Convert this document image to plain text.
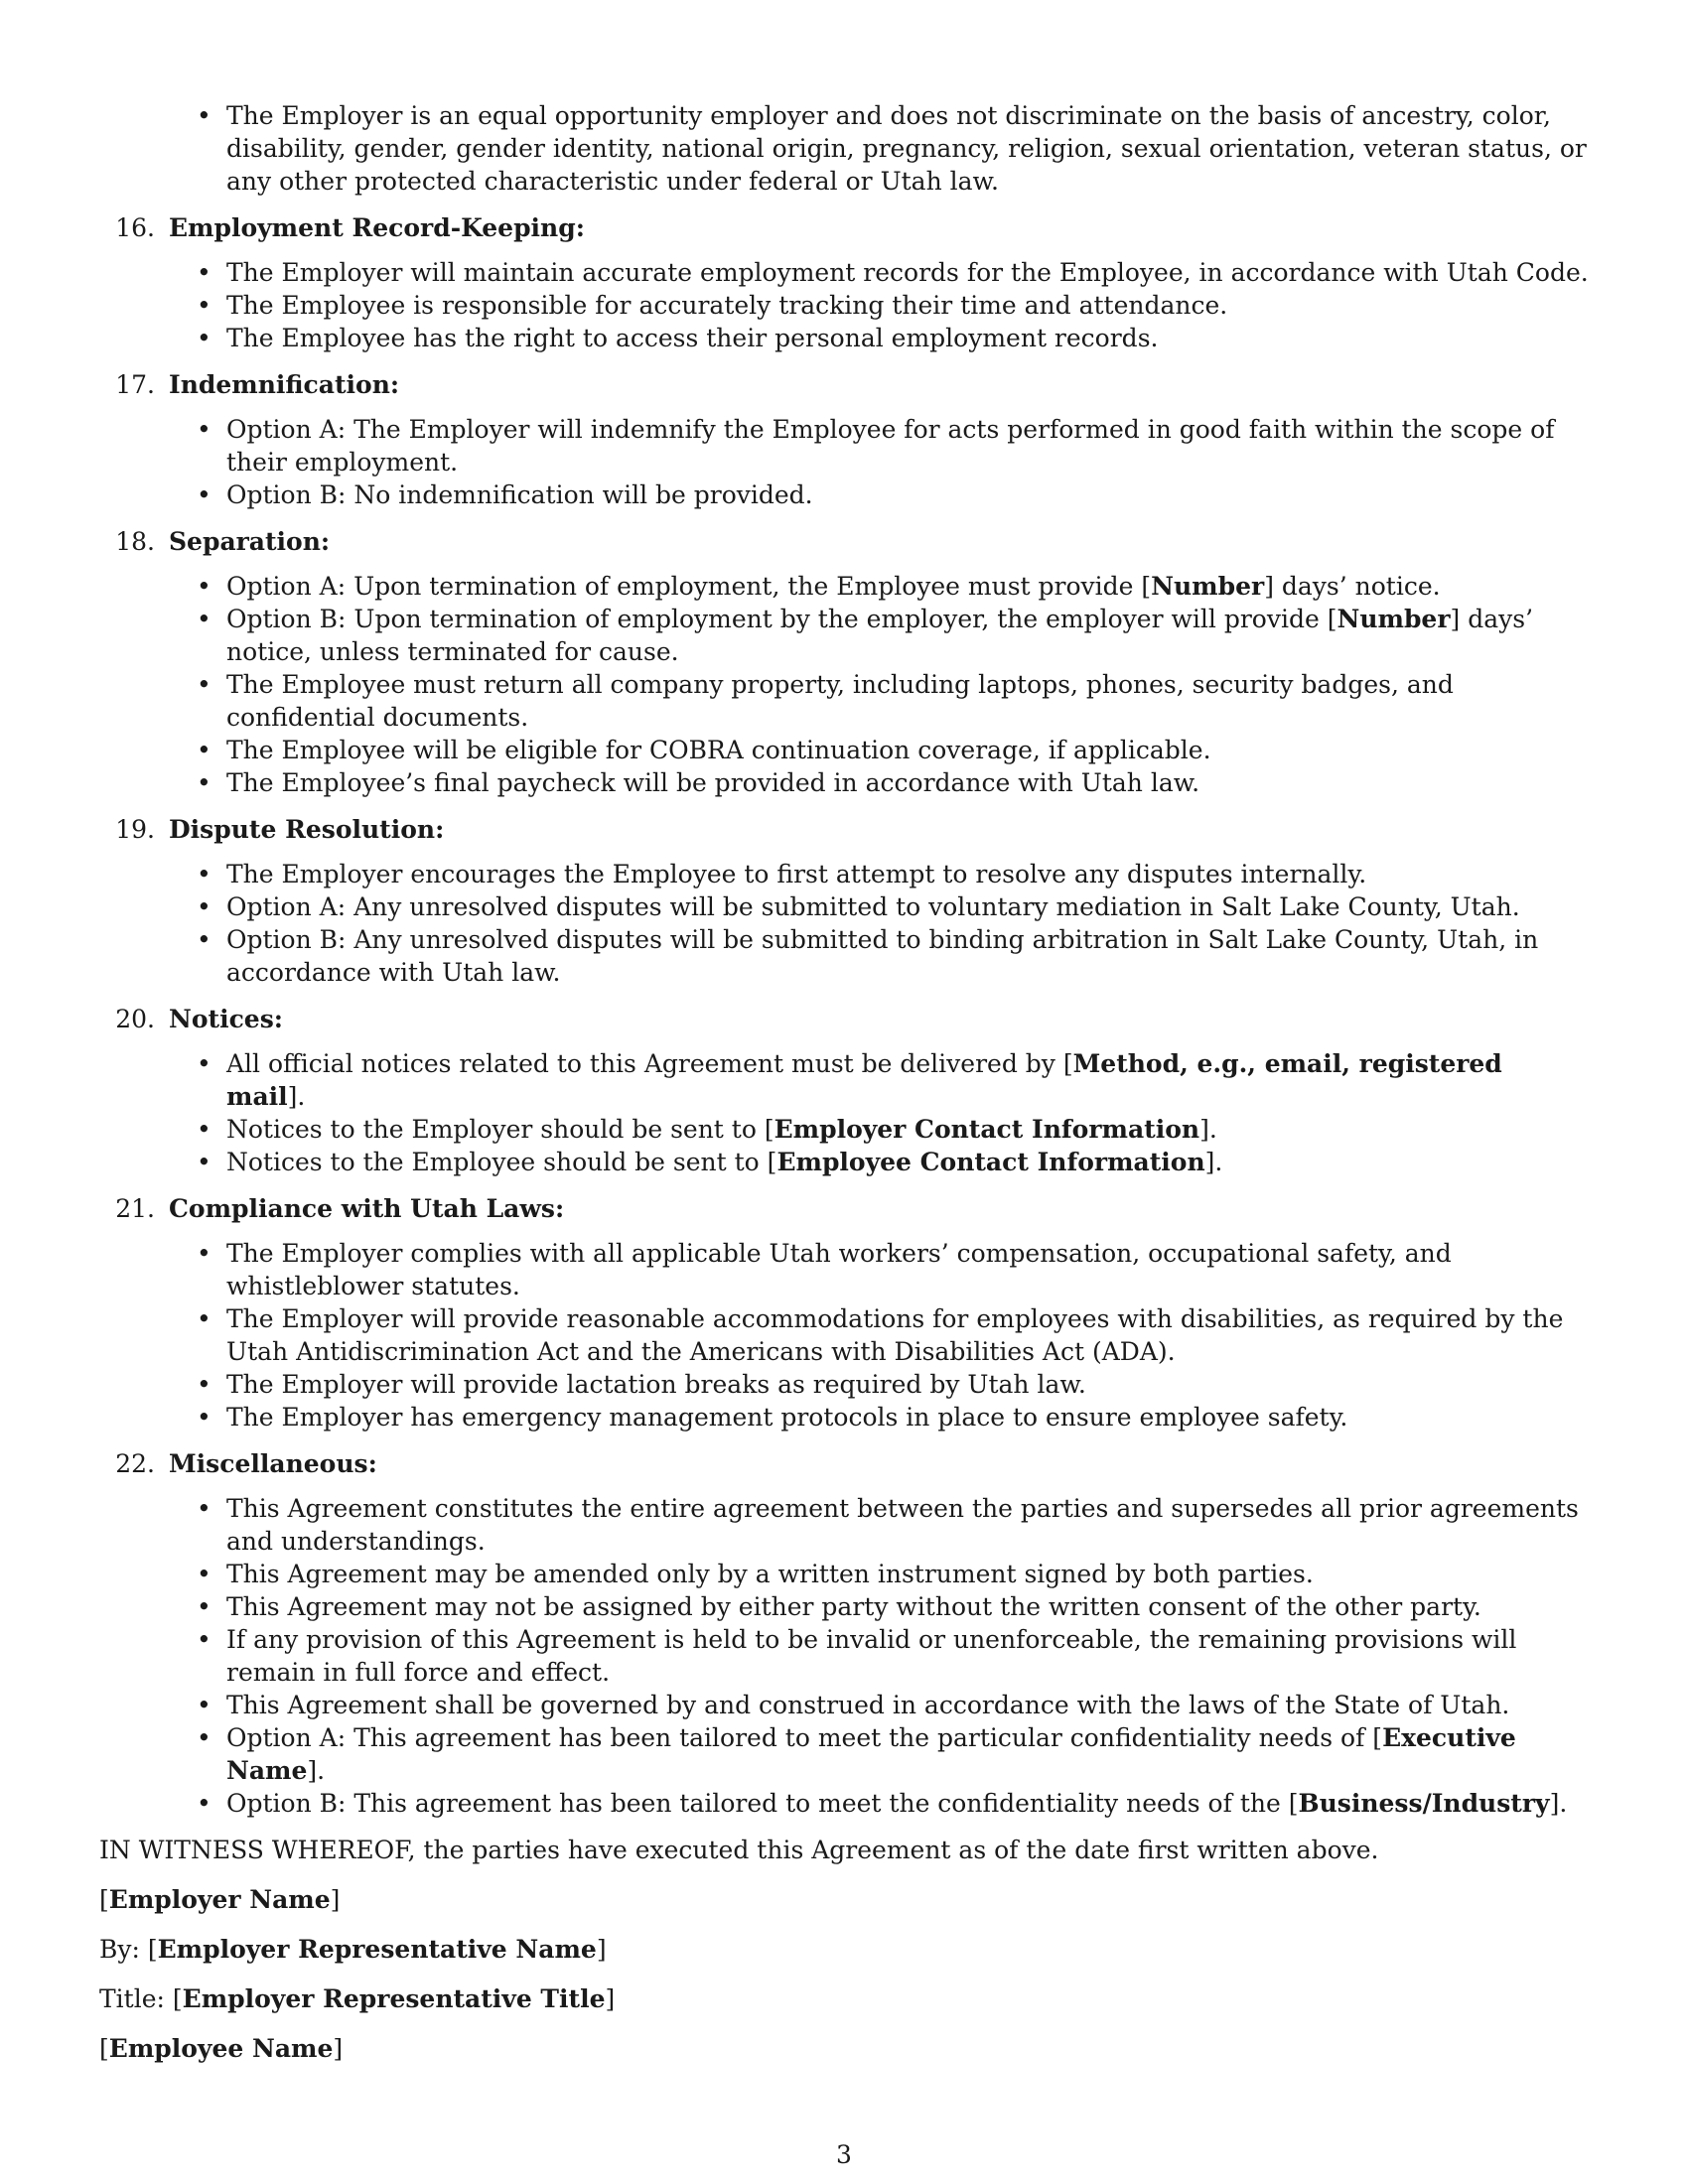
• The Employer is an equal opportunity employer and does not discriminate on the basis of ancestry, color, disability, gender, gender identity, national origin, pregnancy, religion, sexual orientation, veteran status, or any other protected characteristic under federal or Utah law.
16. Employment Record-Keeping:
• The Employer will maintain accurate employment records for the Employee, in accordance with Utah Code.
• The Employee is responsible for accurately tracking their time and attendance.
• The Employee has the right to access their personal employment records.
17. Indemnification:
• Option A: The Employer will indemnify the Employee for acts performed in good faith within the scope of their employment.
• Option B: No indemnification will be provided.
18. Separation:
• Option A: Upon termination of employment, the Employee must provide [Number] days’ notice.
• Option B: Upon termination of employment by the employer, the employer will provide [Number] days’ notice, unless terminated for cause.
• The Employee must return all company property, including laptops, phones, security badges, and confidential documents.
• The Employee will be eligible for COBRA continuation coverage, if applicable.
• The Employee’s final paycheck will be provided in accordance with Utah law.
19. Dispute Resolution:
• The Employer encourages the Employee to first attempt to resolve any disputes internally.
• Option A: Any unresolved disputes will be submitted to voluntary mediation in Salt Lake County, Utah.
• Option B: Any unresolved disputes will be submitted to binding arbitration in Salt Lake County, Utah, in accordance with Utah law.
20. Notices:
• All official notices related to this Agreement must be delivered by [Method, e.g., email, registered mail].
• Notices to the Employer should be sent to [Employer Contact Information].
• Notices to the Employee should be sent to [Employee Contact Information].
21. Compliance with Utah Laws:
• The Employer complies with all applicable Utah workers’ compensation, occupational safety, and whistleblower statutes.
• The Employer will provide reasonable accommodations for employees with disabilities, as required by the Utah Antidiscrimination Act and the Americans with Disabilities Act (ADA).
• The Employer will provide lactation breaks as required by Utah law.
• The Employer has emergency management protocols in place to ensure employee safety.
22. Miscellaneous:
• This Agreement constitutes the entire agreement between the parties and supersedes all prior agreements and understandings.
• This Agreement may be amended only by a written instrument signed by both parties.
• This Agreement may not be assigned by either party without the written consent of the other party.
• If any provision of this Agreement is held to be invalid or unenforceable, the remaining provisions will remain in full force and effect.
• This Agreement shall be governed by and construed in accordance with the laws of the State of Utah.
• Option A: This agreement has been tailored to meet the particular confidentiality needs of [Executive Name].
• Option B: This agreement has been tailored to meet the confidentiality needs of the [Business/Industry].

IN WITNESS WHEREOF, the parties have executed this Agreement as of the date first written above.

[Employer Name]
By: [Employer Representative Name]
Title: [Employer Representative Title]
[Employee Name]
3
